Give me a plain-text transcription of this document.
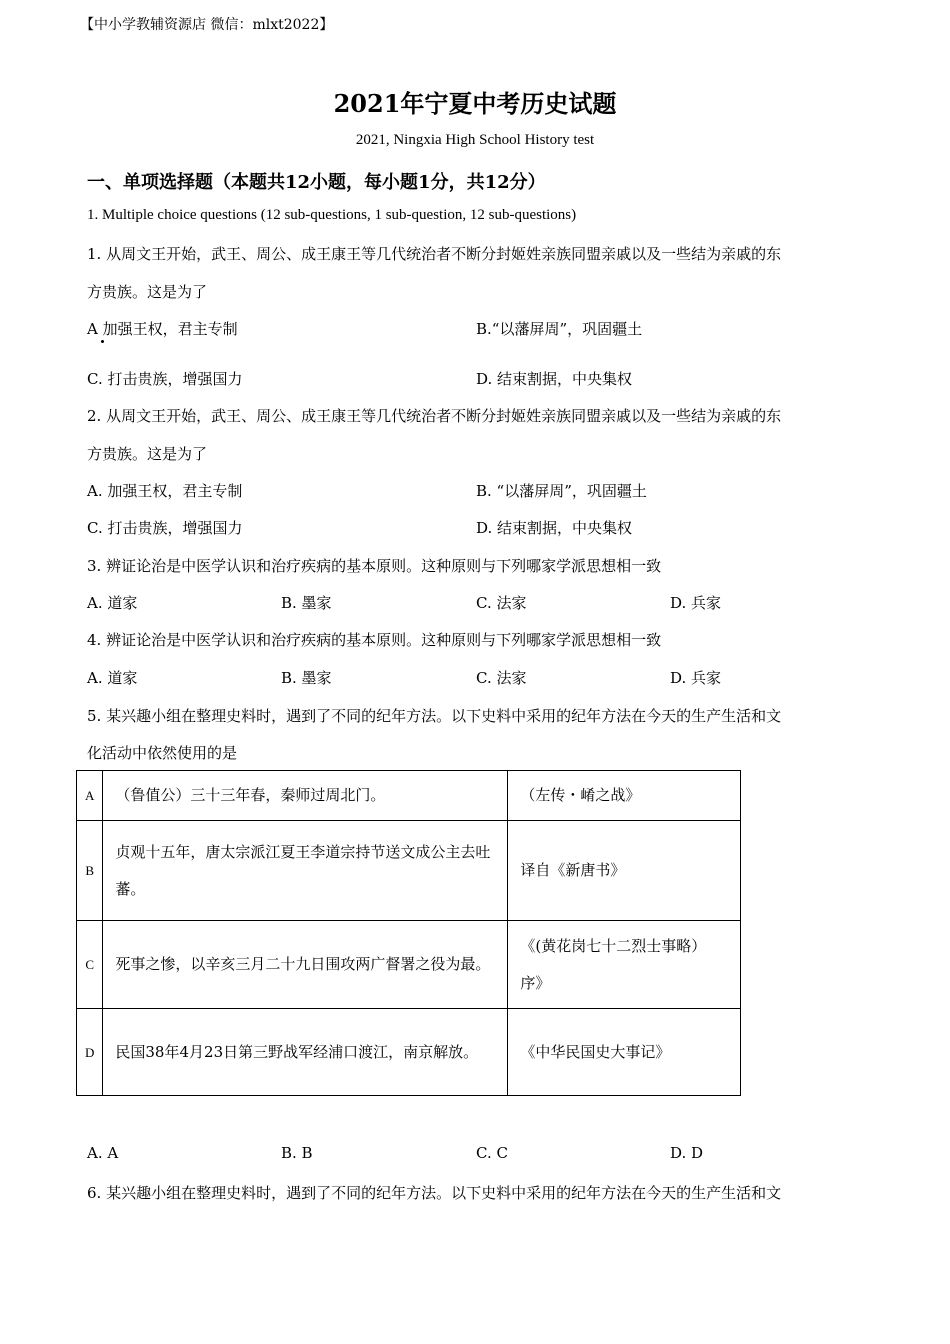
【中小学教辅资源店 微信：mlxt2022】
2021年宁夏中考历史试题
2021, Ningxia High School History test
一、单项选择题（本题共12小题，每小题1分，共12分）
1. Multiple choice questions (12 sub-questions, 1 sub-question, 12 sub-questions)
1. 从周文王开始，武王、周公、成王康王等几代统治者不断分封姬姓亲族同盟亲戚以及一些结为亲戚的东
方贵族。这是为了
A 加强王权，君主专制	B.“以藩屏周”，巩固疆土
C. 打击贵族，增强国力	D. 结束割据，中央集权
2. 从周文王开始，武王、周公、成王康王等几代统治者不断分封姬姓亲族同盟亲戚以及一些结为亲戚的东
方贵族。这是为了
A. 加强王权，君主专制	B. “以藩屏周”，巩固疆土
C. 打击贵族，增强国力	D. 结束割据，中央集权
3. 辨证论治是中医学认识和治疗疾病的基本原则。这种原则与下列哪家学派思想相一致
A. 道家	B. 墨家	C. 法家	D. 兵家
4. 辨证论治是中医学认识和治疗疾病的基本原则。这种原则与下列哪家学派思想相一致
A. 道家	B. 墨家	C. 法家	D. 兵家
5. 某兴趣小组在整理史料时，遇到了不同的纪年方法。以下史料中采用的纪年方法在今天的生产生活和文
化活动中依然使用的是
A	（鲁值公）三十三年春，秦师过周北门。	（左传・崤之战》
B	贞观十五年，唐太宗派江夏王李道宗持节送文成公主去吐蕃。	译自《新唐书》
C	死事之惨，以辛亥三月二十九日围攻两广督署之役为最。	《(黄花岗七十二烈士事略）序》
D	民国38年4月23日第三野战军经浦口渡江，南京解放。	《中华民国史大事记》
A. A	B. B	C. C	D. D
6. 某兴趣小组在整理史料时，遇到了不同的纪年方法。以下史料中采用的纪年方法在今天的生产生活和文
